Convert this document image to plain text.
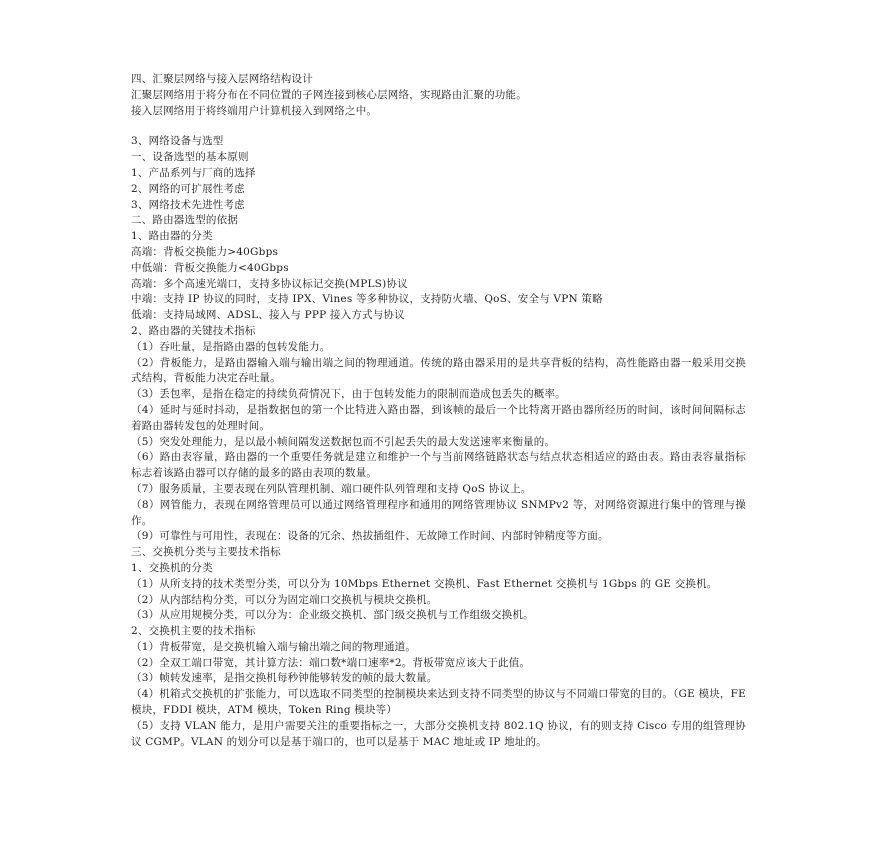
四、汇聚层网络与接入层网络结构设计
汇聚层网络用于将分布在不同位置的子网连接到核心层网络，实现路由汇聚的功能。
接入层网络用于将终端用户计算机接入到网络之中。
3、网络设备与选型
一、设备选型的基本原则
1、产品系列与厂商的选择
2、网络的可扩展性考虑
3、网络技术先进性考虑
二、路由器选型的依据
1、路由器的分类
高端：背板交换能力>40Gbps
中低端：背板交换能力<40Gbps
高端：多个高速光端口，支持多协议标记交换(MPLS)协议
中端：支持 IP 协议的同时，支持 IPX、Vines 等多种协议，支持防火墙、QoS、安全与 VPN 策略
低端：支持局域网、ADSL、接入与 PPP 接入方式与协议
2、路由器的关键技术指标
（1）吞吐量，是指路由器的包转发能力。
（2）背板能力，是路由器输入端与输出端之间的物理通道。传统的路由器采用的是共享背板的结构，高性能路由器一般采用交换式结构，背板能力决定吞吐量。
（3）丢包率，是指在稳定的持续负荷情况下，由于包转发能力的限制而造成包丢失的概率。
（4）延时与延时抖动，是指数据包的第一个比特进入路由器，到该帧的最后一个比特离开路由器所经历的时间，该时间间隔标志着路由器转发包的处理时间。
（5）突发处理能力，是以最小帧间隔发送数据包而不引起丢失的最大发送速率来衡量的。
（6）路由表容量，路由器的一个重要任务就是建立和维护一个与当前网络链路状态与结点状态相适应的路由表。路由表容量指标标志着该路由器可以存储的最多的路由表项的数量。
（7）服务质量，主要表现在列队管理机制、端口硬件队列管理和支持 QoS 协议上。
（8）网管能力，表现在网络管理员可以通过网络管理程序和通用的网络管理协议 SNMPv2 等，对网络资源进行集中的管理与操作。
（9）可靠性与可用性，表现在：设备的冗余、热拔插组件、无故障工作时间、内部时钟精度等方面。
三、交换机分类与主要技术指标
1、交换机的分类
（1）从所支持的技术类型分类，可以分为 10Mbps Ethernet 交换机、Fast Ethernet 交换机与 1Gbps 的 GE 交换机。
（2）从内部结构分类，可以分为固定端口交换机与模块交换机。
（3）从应用规模分类，可以分为：企业级交换机、部门级交换机与工作组级交换机。
2、交换机主要的技术指标
（1）背板带宽，是交换机输入端与输出端之间的物理通道。
（2）全双工端口带宽，其计算方法：端口数*端口速率*2。背板带宽应该大于此值。
（3）帧转发速率，是指交换机每秒钟能够转发的帧的最大数量。
（4）机箱式交换机的扩张能力，可以选取不同类型的控制模块来达到支持不同类型的协议与不同端口带宽的目的。（GE 模块，FE 模块，FDDI 模块，ATM 模块，Token Ring 模块等）
（5）支持 VLAN 能力，是用户需要关注的重要指标之一，大部分交换机支持 802.1Q 协议，有的则支持 Cisco 专用的组管理协议 CGMP。VLAN 的划分可以是基于端口的，也可以是基于 MAC 地址或 IP 地址的。
